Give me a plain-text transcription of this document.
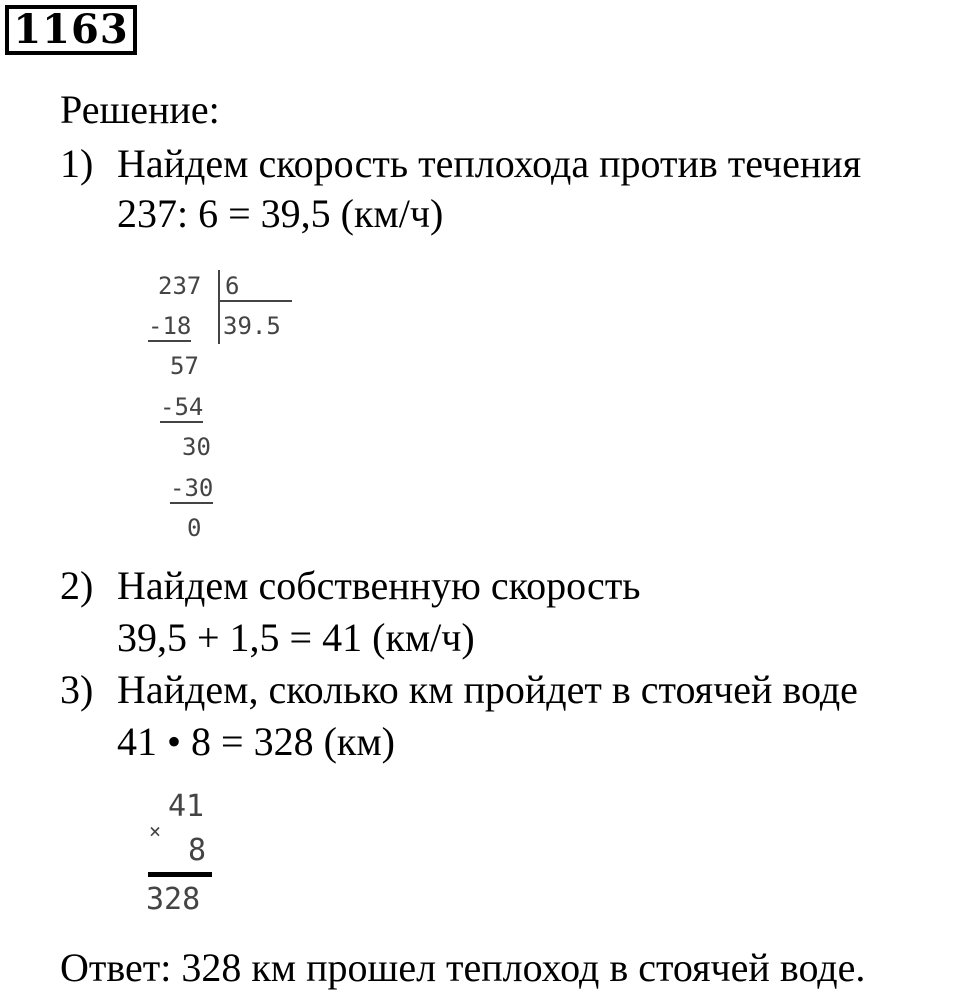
1163
Решение:
1) Найдем скорость теплохода против течения
237: 6 = 39,5 (км/ч)
237 6
39.5
-18
57
-54
30
-30
0
2) Найдем собственную скорость
39,5 + 1,5 = 41 (км/ч)
3) Найдем, сколько км пройдет в стоячей воде
41 • 8 = 328 (км)
×
41
8
328
Ответ: 328 км прошел теплоход в стоячей воде.
